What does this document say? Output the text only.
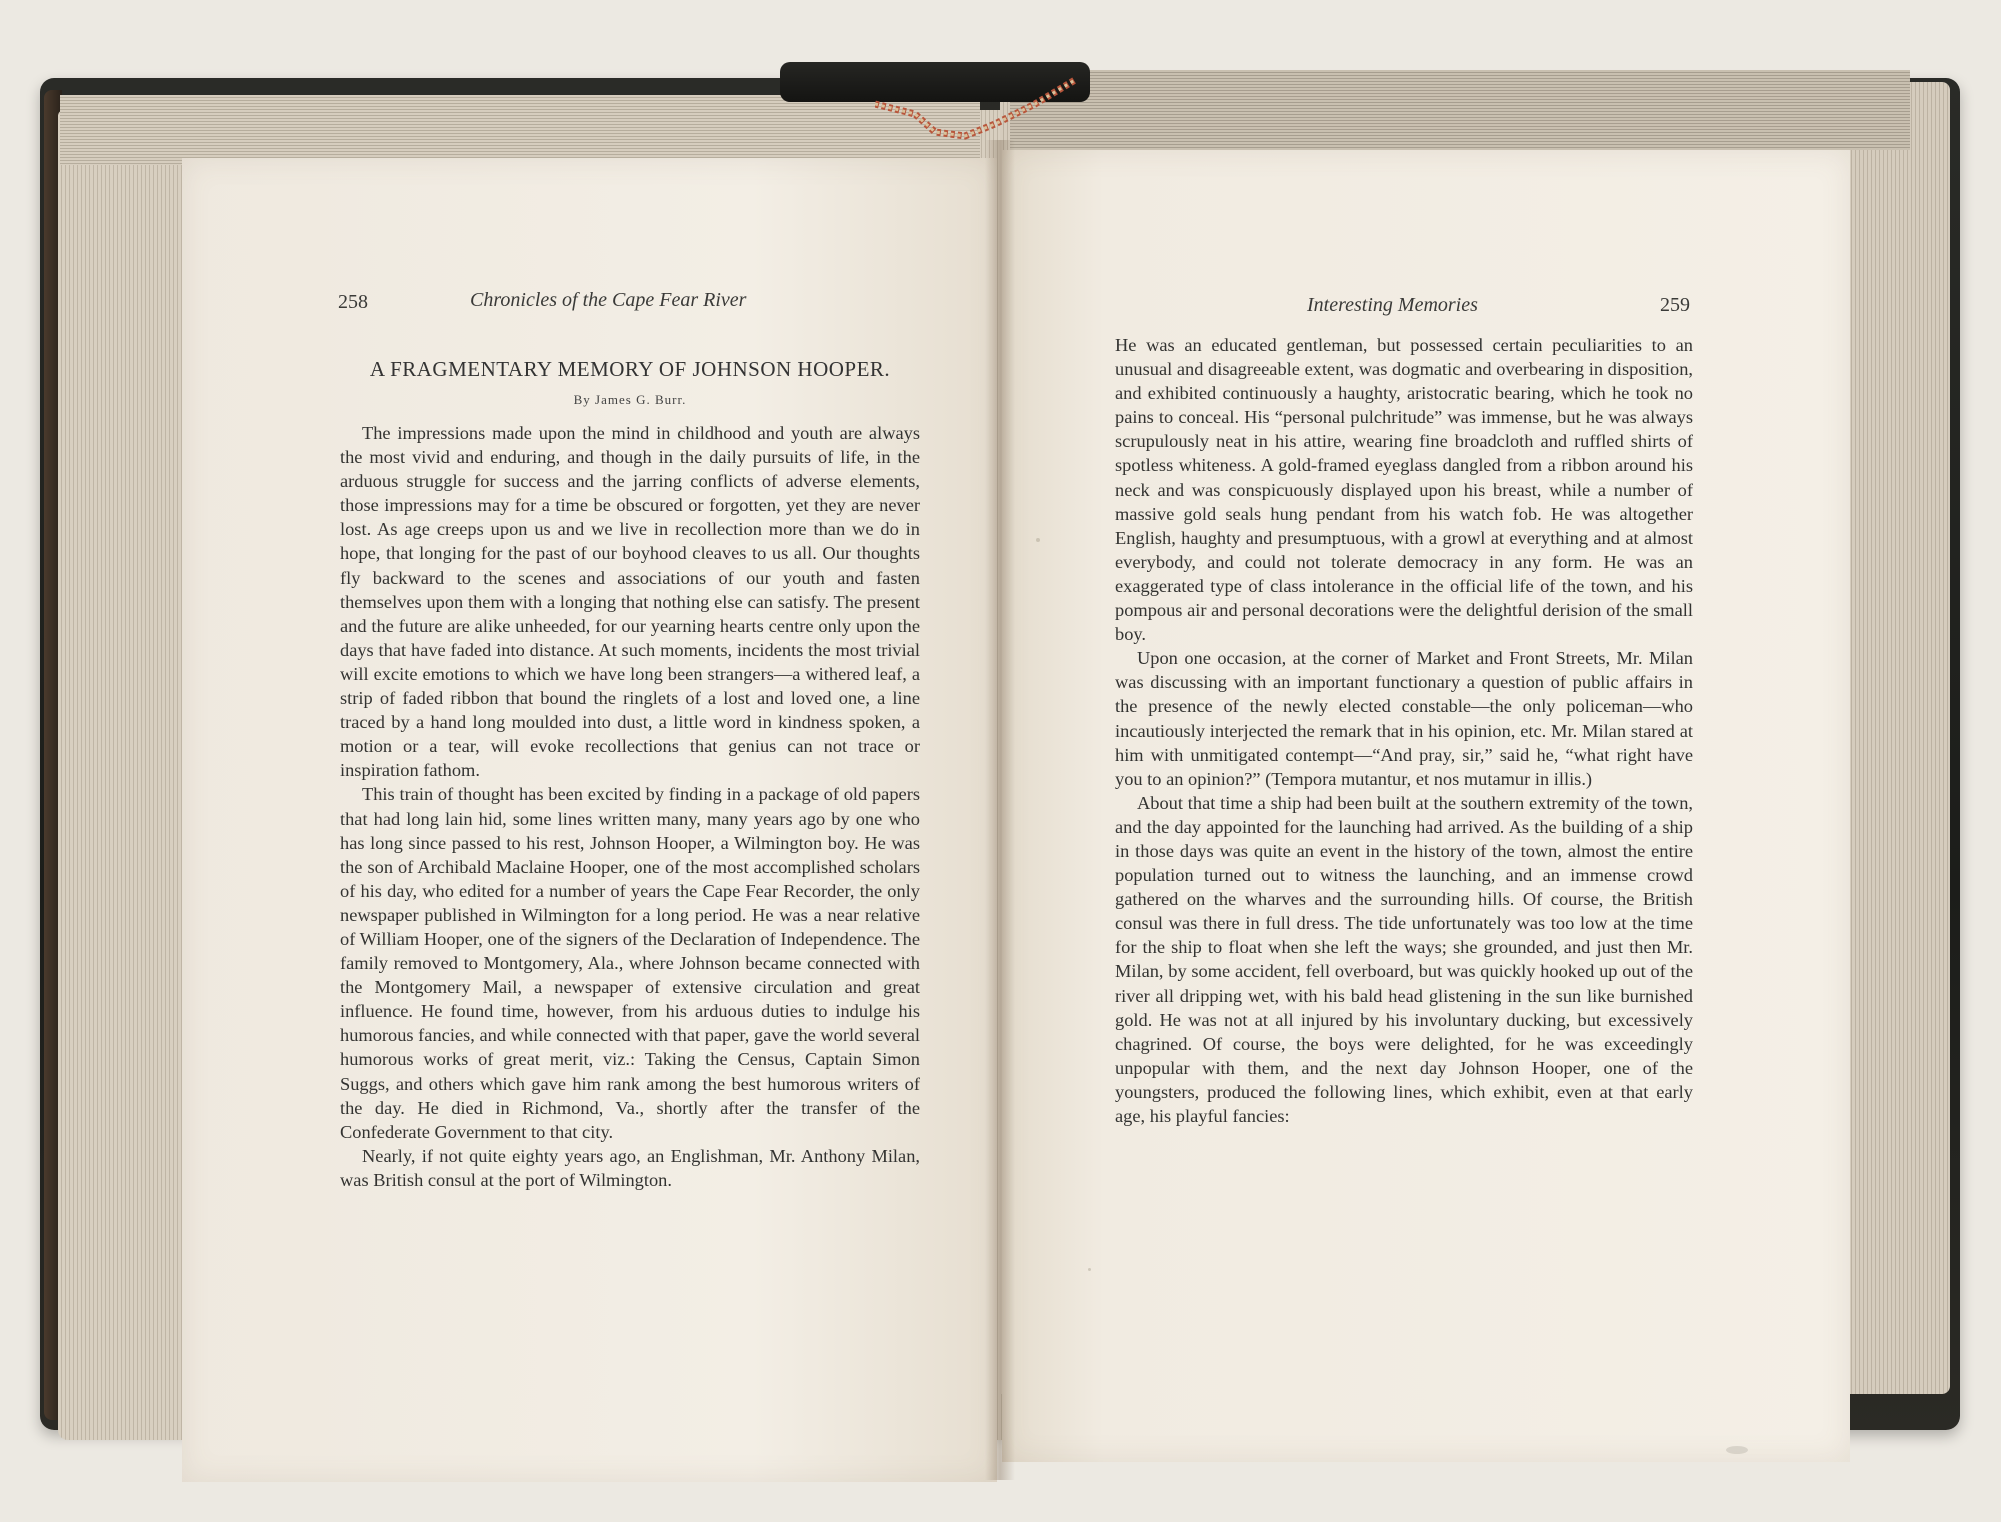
258	Chronicles of the Cape Fear River	Interesting Memories	259
A FRAGMENTARY MEMORY OF JOHNSON HOOPER.
By James G. Burr.

The impressions made upon the mind in childhood and youth are always the most vivid and enduring, and though in the daily pursuits of life, in the arduous struggle for success and the jarring conflicts of adverse elements, those impressions may for a time be obscured or forgotten, yet they are never lost. As age creeps upon us and we live in recollection more than we do in hope, that longing for the past of our boyhood cleaves to us all. Our thoughts fly backward to the scenes and associations of our youth and fasten themselves upon them with a longing that nothing else can satisfy. The present and the future are alike unheeded, for our yearning hearts centre only upon the days that have faded into distance. At such moments, incidents the most trivial will excite emotions to which we have long been strangers—a withered leaf, a strip of faded ribbon that bound the ringlets of a lost and loved one, a line traced by a hand long moulded into dust, a little word in kindness spoken, a motion or a tear, will evoke recollections that genius can not trace or inspiration fathom.

This train of thought has been excited by finding in a package of old papers that had long lain hid, some lines written many, many years ago by one who has long since passed to his rest, Johnson Hooper, a Wilmington boy. He was the son of Archibald Maclaine Hooper, one of the most accomplished scholars of his day, who edited for a number of years the Cape Fear Recorder, the only newspaper published in Wilmington for a long period. He was a near relative of William Hooper, one of the signers of the Declaration of Independence. The family removed to Montgomery, Ala., where Johnson became connected with the Montgomery Mail, a newspaper of extensive circulation and great influence. He found time, however, from his arduous duties to indulge his humorous fancies, and while connected with that paper, gave the world several humorous works of great merit, viz.: Taking the Census, Captain Simon Suggs, and others which gave him rank among the best humorous writers of the day. He died in Richmond, Va., shortly after the transfer of the Confederate Government to that city.

Nearly, if not quite eighty years ago, an Englishman, Mr. Anthony Milan, was British consul at the port of Wilmington.

He was an educated gentleman, but possessed certain peculiarities to an unusual and disagreeable extent, was dogmatic and overbearing in disposition, and exhibited continuously a haughty, aristocratic bearing, which he took no pains to conceal. His “personal pulchritude” was immense, but he was always scrupulously neat in his attire, wearing fine broadcloth and ruffled shirts of spotless whiteness. A gold-framed eyeglass dangled from a ribbon around his neck and was conspicuously displayed upon his breast, while a number of massive gold seals hung pendant from his watch fob. He was altogether English, haughty and presumptuous, with a growl at everything and at almost everybody, and could not tolerate democracy in any form. He was an exaggerated type of class intolerance in the official life of the town, and his pompous air and personal decorations were the delightful derision of the small boy.

Upon one occasion, at the corner of Market and Front Streets, Mr. Milan was discussing with an important functionary a question of public affairs in the presence of the newly elected constable—the only policeman—who incautiously interjected the remark that in his opinion, etc. Mr. Milan stared at him with unmitigated contempt—“And pray, sir,” said he, “what right have you to an opinion?” (Tempora mutantur, et nos mutamur in illis.)

About that time a ship had been built at the southern extremity of the town, and the day appointed for the launching had arrived. As the building of a ship in those days was quite an event in the history of the town, almost the entire population turned out to witness the launching, and an immense crowd gathered on the wharves and the surrounding hills. Of course, the British consul was there in full dress. The tide unfortunately was too low at the time for the ship to float when she left the ways; she grounded, and just then Mr. Milan, by some accident, fell overboard, but was quickly hooked up out of the river all dripping wet, with his bald head glistening in the sun like burnished gold. He was not at all injured by his involuntary ducking, but excessively chagrined. Of course, the boys were delighted, for he was exceedingly unpopular with them, and the next day Johnson Hooper, one of the youngsters, produced the following lines, which exhibit, even at that early age, his playful fancies:
